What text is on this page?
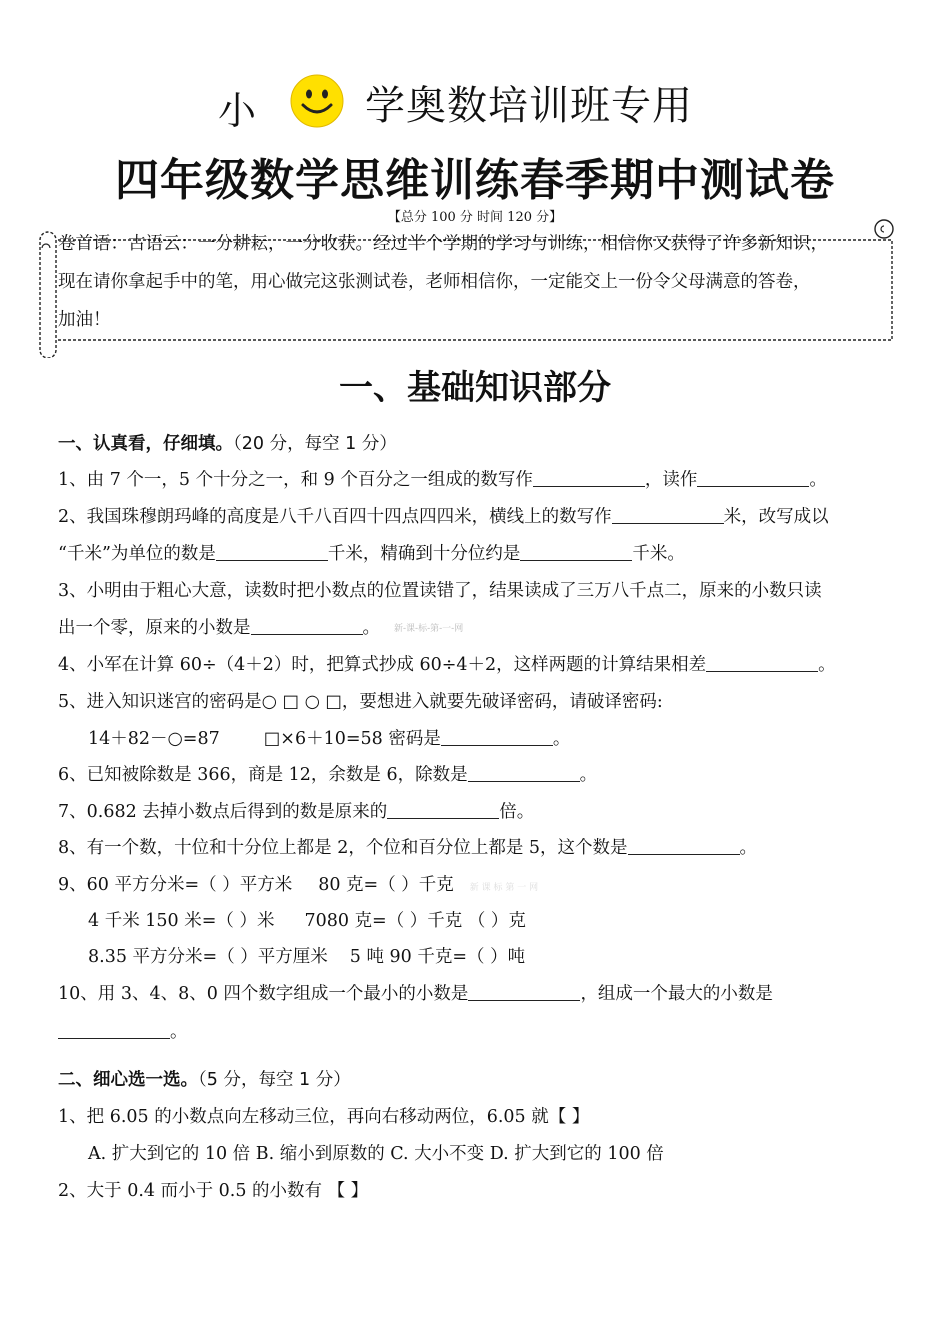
小	学奥数培训班专用
四年级数学思维训练春季期中测试卷
【总分 100 分 时间 120 分】
卷首语：古语云：一分耕耘，一分收获。经过半个学期的学习与训练，相信你又获得了许多新知识，
现在请你拿起手中的笔，用心做完这张测试卷，老师相信你，一定能交上一份令父母满意的答卷，
加油！
一、基础知识部分
一、认真看，仔细填。（20 分，每空 1 分）
1、由 7 个一，5 个十分之一，和 9 个百分之一组成的数写作	，读作	。
2、我国珠穆朗玛峰的高度是八千八百四十四点四四米，横线上的数写作	米，改写成以
“千米”为单位的数是	千米，精确到十分位约是	千米。
3、小明由于粗心大意，读数时把小数点的位置读错了，结果读成了三万八千点二，原来的小数只读
出一个零，原来的小数是	。 新-课-标-第-一-网
4、小军在计算 60÷（4＋2）时，把算式抄成 60÷4＋2，这样两题的计算结果相差	。
5、进入知识迷宫的密码是○ □ ○ □，要想进入就要先破译密码，请破译密码:
14＋82－○=87	□×6＋10=58 密码是	。
6、已知被除数是 366，商是 12，余数是 6，除数是	。
7、0.682 去掉小数点后得到的数是原来的	倍。
8、有一个数，十位和十分位上都是 2，个位和百分位上都是 5，这个数是	。
9、60 平方分米=（ ）平方米 80 克=（ ）千克 新 课 标 第 一 网
4 千米 150 米=（ ）米 7080 克=（ ）千克 （ ）克
8.35 平方分米=（ ）平方厘米 5 吨 90 千克=（ ）吨
10、用 3、4、8、0 四个数字组成一个最小的小数是	，组成一个最大的小数是
。
二、细心选一选。（5 分，每空 1 分）
1、把 6.05 的小数点向左移动三位，再向右移动两位，6.05 就【 】
A. 扩大到它的 10 倍 B. 缩小到原数的 C. 大小不变 D. 扩大到它的 100 倍
2、大于 0.4 而小于 0.5 的小数有 【 】
